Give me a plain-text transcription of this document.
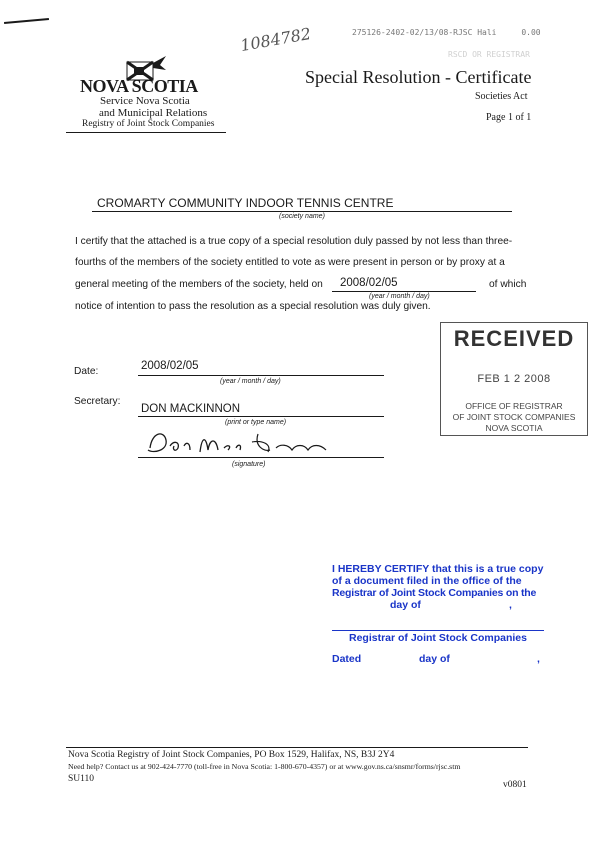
1084782	275126-2402-02/13/08-RJSC Hali	0.00
RSCD OR REGISTRAR
NOVA SCOTIA
Service Nova Scotia
and Municipal Relations
Registry of Joint Stock Companies
Special Resolution - Certificate
Societies Act
Page 1 of 1
CROMARTY COMMUNITY INDOOR TENNIS CENTRE
(society name)
I certify that the attached is a true copy of a special resolution duly passed by not less than three-
fourths of the members of the society entitled to vote as were present in person or by proxy at a
general meeting of the members of the society, held on 2008/02/05	of which
(year / month / day)
notice of intention to pass the resolution as a special resolution was duly given.
Date:	2008/02/05
(year / month / day)
Secretary:
DON MACKINNON
(print or type name)
(signature)
RECEIVED
FEB 1 2 2008
OFFICE OF REGISTRAR
OF JOINT STOCK COMPANIES
NOVA SCOTIA
I HEREBY CERTIFY that this is a true copy
of a document filed in the office of the
Registrar of Joint Stock Companies on the
day of	,
Registrar of Joint Stock Companies
Dated	day of	,
Nova Scotia Registry of Joint Stock Companies, PO Box 1529, Halifax, NS, B3J 2Y4
Need help? Contact us at 902-424-7770 (toll-free in Nova Scotia: 1-800-670-4357) or at www.gov.ns.ca/snsmr/forms/rjsc.stm
SU110
v0801
